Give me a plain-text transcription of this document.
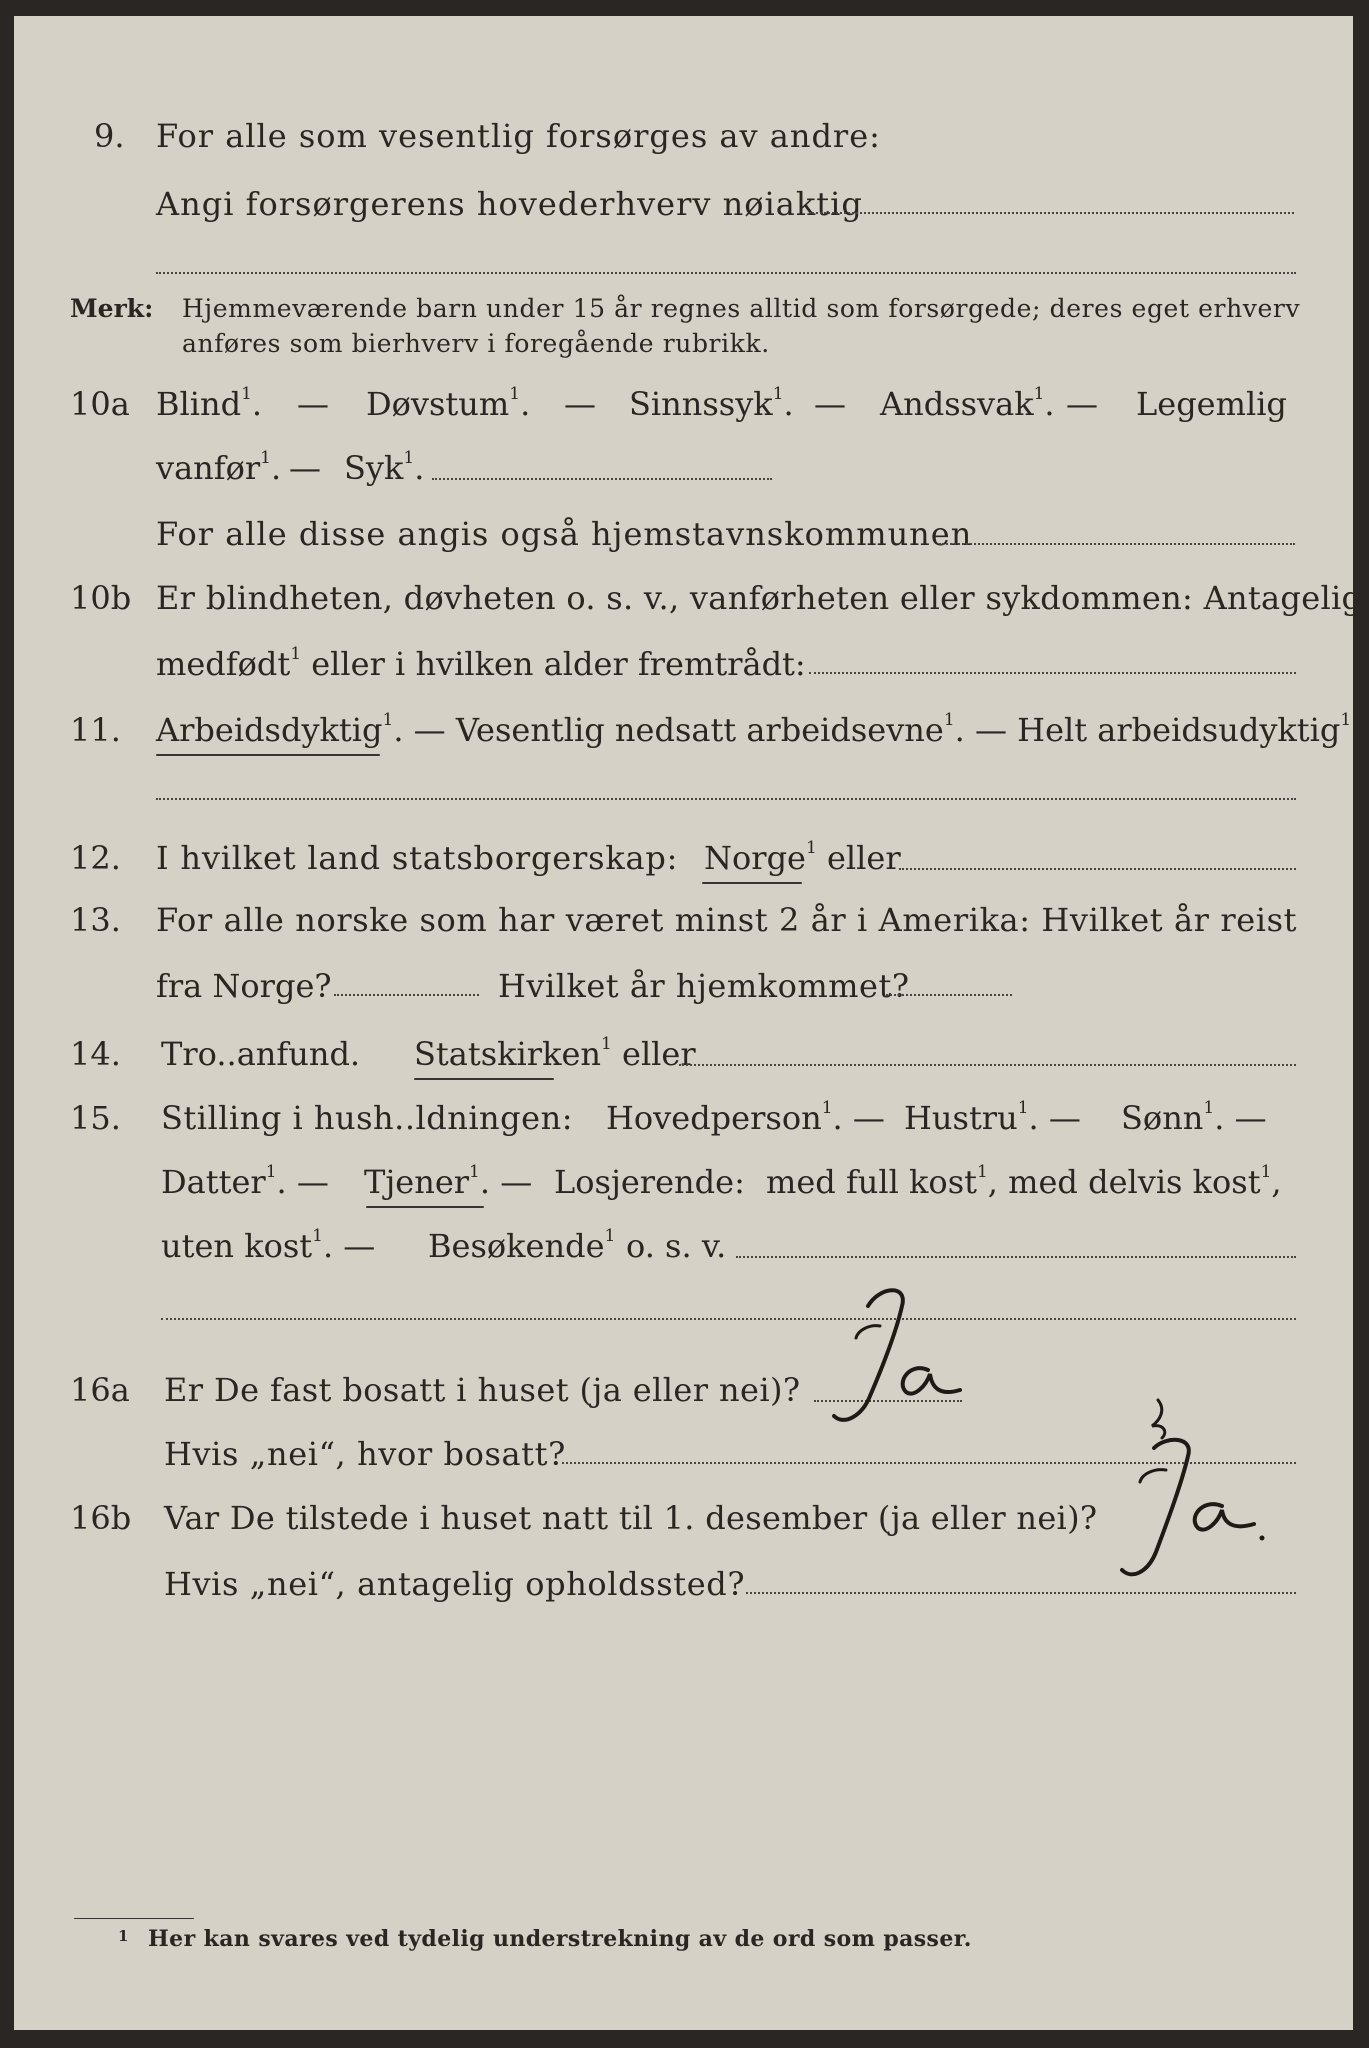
9. For alle som vesentlig forsørges av andre:
Angi forsørgerens hovederhverv nøiaktig
Merk: Hjemmeværende barn under 15 år regnes alltid som forsørgede; deres eget erhverv
anføres som bierhverv i foregående rubrikk.
10a Blind$^1$. — Døvstum$^1$. — Sinnssyk$^1$. — Andssvak$^1$. — Legemlig
vanfør$^1$. — Syk$^1$.
For alle disse angis også hjemstavnskommunen
10b Er blindheten, døvheten o. s. v., vanførheten eller sykdommen: Antagelig
medfødt$^1$ eller i hvilken alder fremtrådt:
11. Arbeidsdyktig$^1$. — Vesentlig nedsatt arbeidsevne$^1$. — Helt arbeidsudyktig$^1$.
12. I hvilket land statsborgerskap: Norge$^1$ eller
13. For alle norske som har været minst 2 år i Amerika: Hvilket år reist
fra Norge?	Hvilket år hjemkommet?
14. Tro..anfund. Statskirken$^1$ eller
15. Stilling i hush..ldningen: Hovedperson$^1$. — Hustru$^1$. — Sønn$^1$. —
Datter$^1$. — Tjener$^1$. — Losjerende: med full kost$^1$, med delvis kost$^1$,
uten kost$^1$. — Besøkende$^1$ o. s. v.
16a Er De fast bosatt i huset (ja eller nei)?
Hvis „nei“, hvor bosatt?
16b Var De tilstede i huset natt til 1. desember (ja eller nei)?
Hvis „nei“, antagelig opholdssted?
1 Her kan svares ved tydelig understrekning av de ord som passer.
